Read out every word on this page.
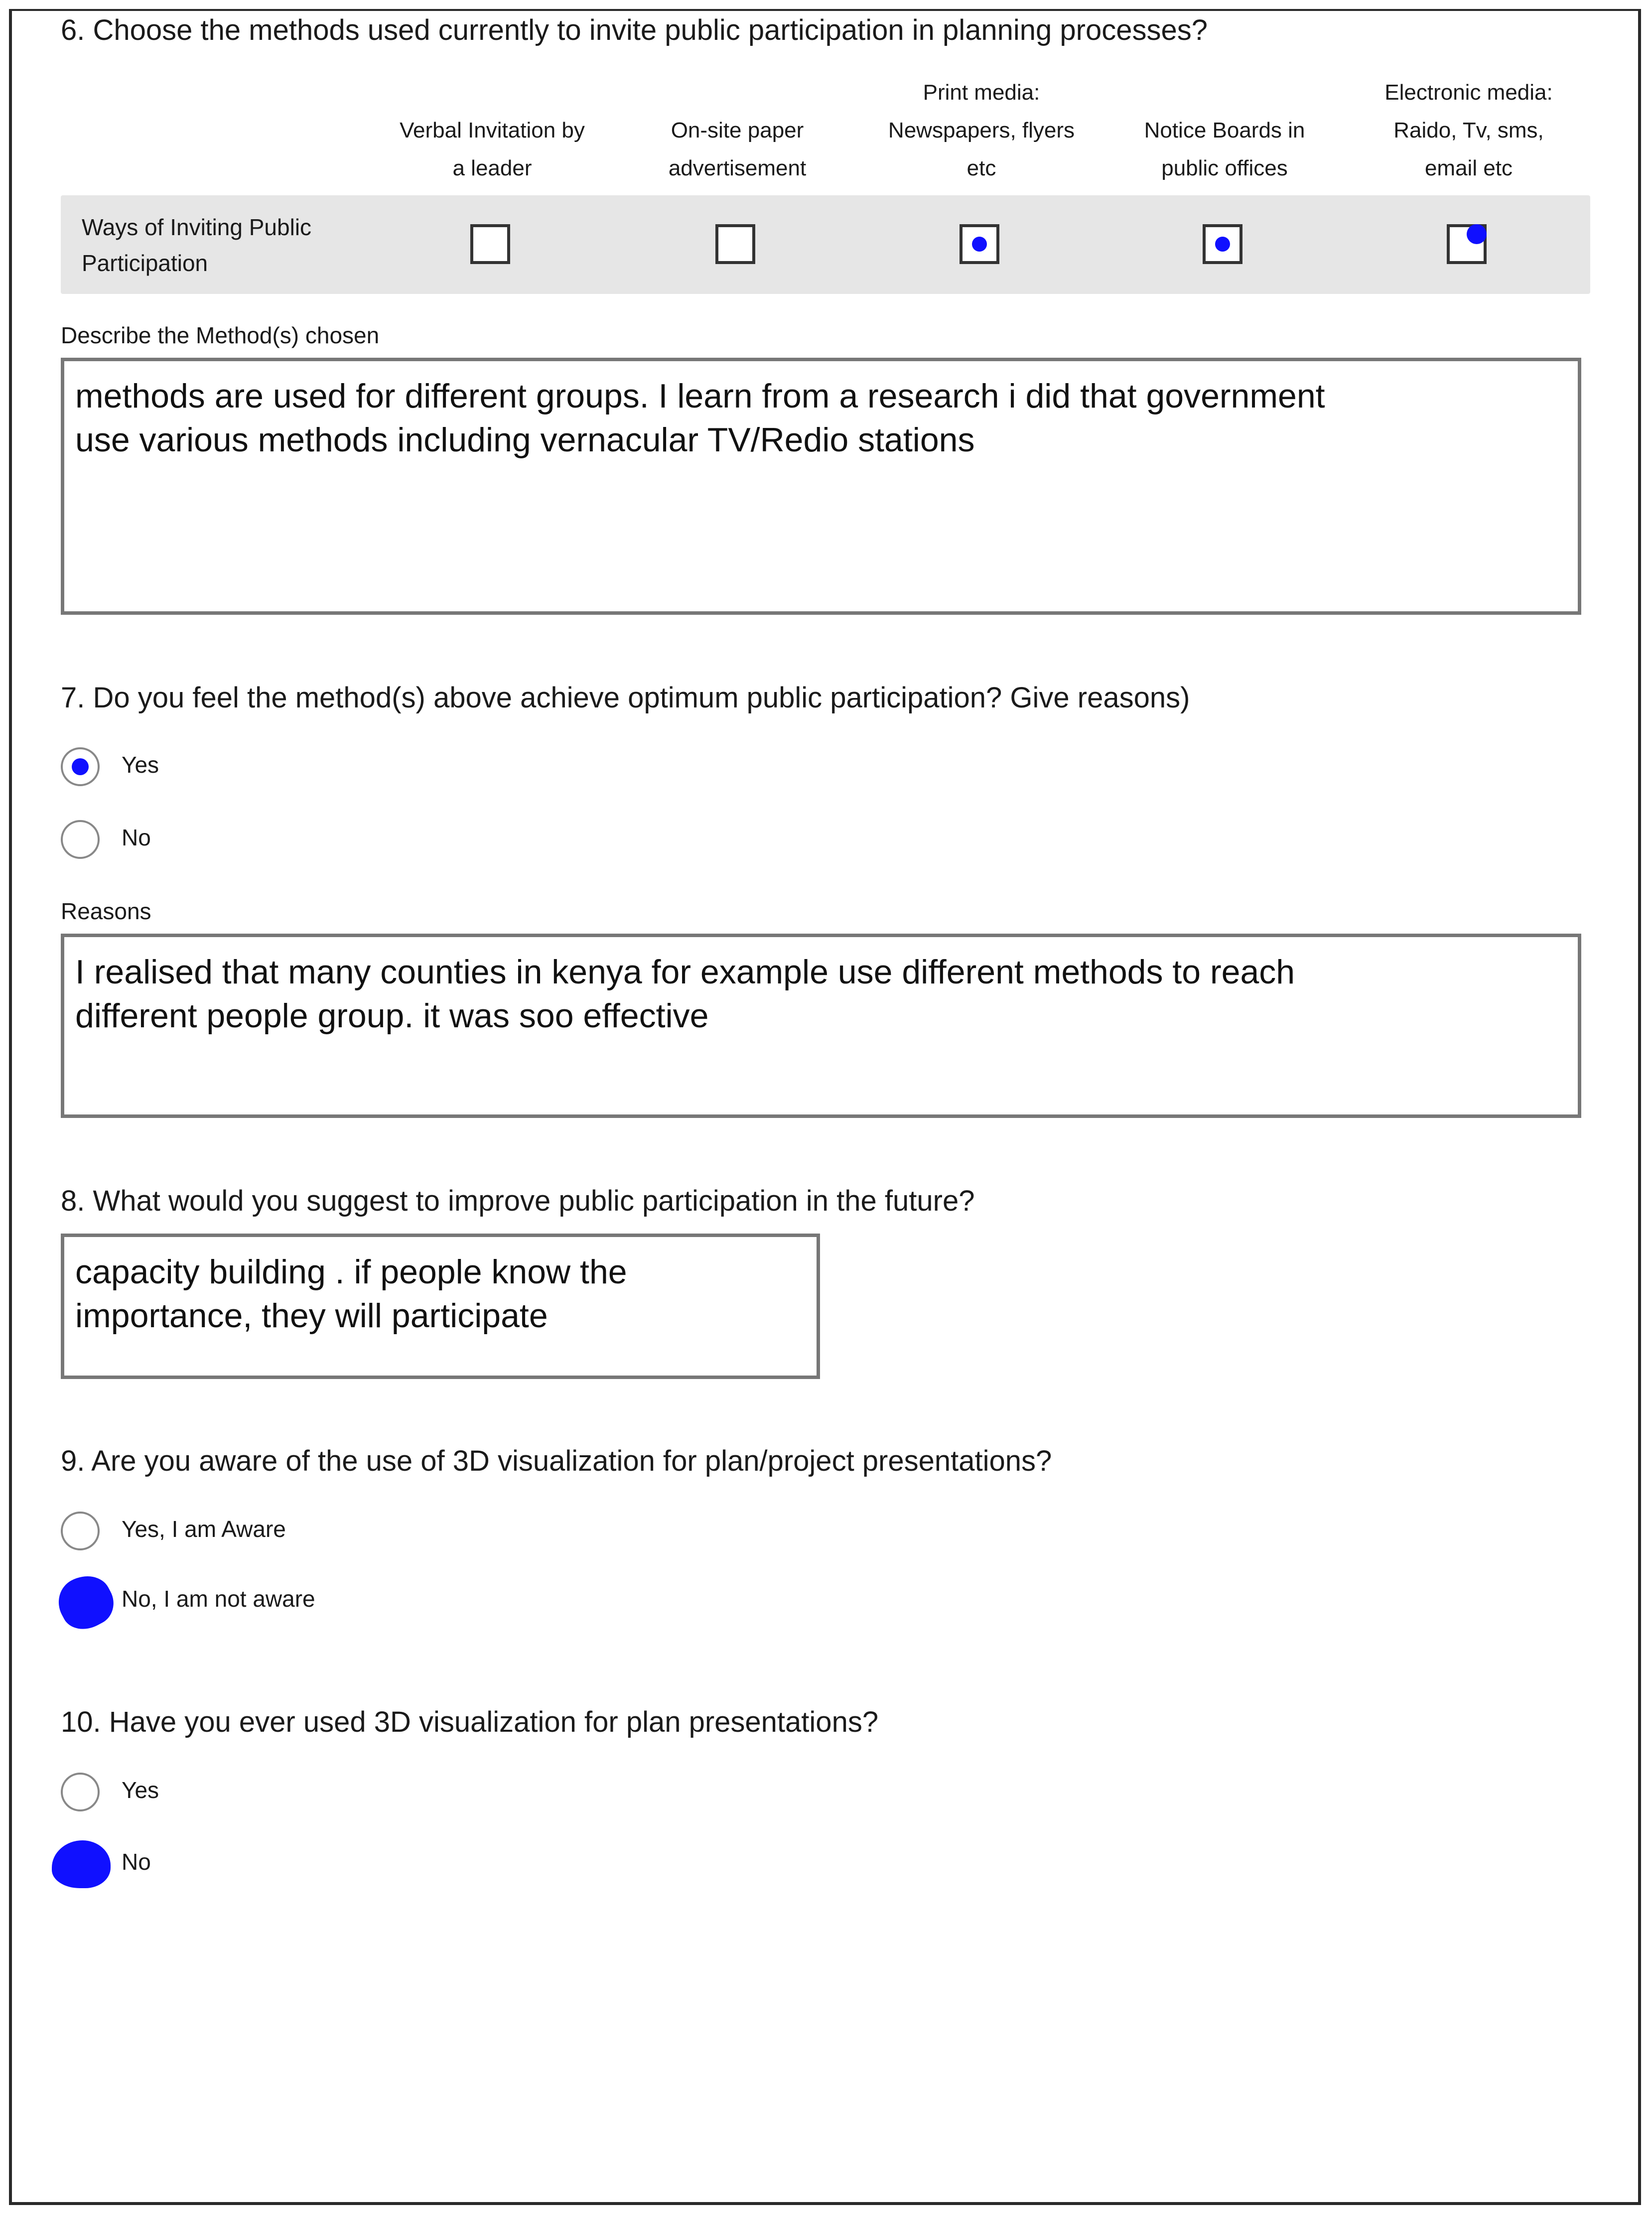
6. Choose the methods used currently to invite public participation in planning processes?

Verbal Invitation by
a leader

On-site paper
advertisement
Print media:
Newspapers, flyers
etc

Notice Boards in
public offices
Electronic media:
Raido, Tv, sms,
email etc
Ways of Inviting Public
Participation
Describe the Method(s) chosen
methods are used for different groups. I learn from a research i did that government
use various methods including vernacular TV/Redio stations
7. Do you feel the method(s) above achieve optimum public participation? Give reasons)
Yes
No
Reasons
I realised that many counties in kenya for example use different methods to reach
different people group. it was soo effective
8. What would you suggest to improve public participation in the future?
capacity building . if people know the
importance, they will participate
9. Are you aware of the use of 3D visualization for plan/project presentations?
Yes, I am Aware
No, I am not aware
10. Have you ever used 3D visualization for plan presentations?
Yes
No
